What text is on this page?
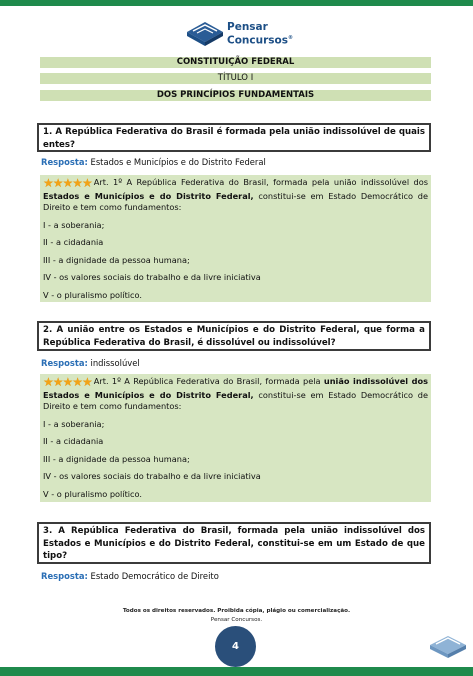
Pensar
Concursos®
CONSTITUIÇÃO FEDERAL
TÍTULO I
DOS PRINCÍPIOS FUNDAMENTAIS
1. A República Federativa do Brasil é formada pela união indissolúvel de quais entes?
Resposta: Estados e Municípios e do Distrito Federal
★★★★★ Art. 1º A República Federativa do Brasil, formada pela união indissolúvel dos Estados e Municípios e do Distrito Federal, constitui-se em Estado Democrático de Direito e tem como fundamentos:
I - a soberania;
II - a cidadania
III - a dignidade da pessoa humana;
IV - os valores sociais do trabalho e da livre iniciativa
V - o pluralismo político.
2. A união entre os Estados e Municípios e do Distrito Federal, que forma a República Federativa do Brasil, é dissolúvel ou indissolúvel?
Resposta: indissolúvel
★★★★★ Art. 1º A República Federativa do Brasil, formada pela união indissolúvel dos Estados e Municípios e do Distrito Federal, constitui-se em Estado Democrático de Direito e tem como fundamentos:
I - a soberania;
II - a cidadania
III - a dignidade da pessoa humana;
IV - os valores sociais do trabalho e da livre iniciativa
V - o pluralismo político.
3. A República Federativa do Brasil, formada pela união indissolúvel dos Estados e Municípios e do Distrito Federal, constitui-se em um Estado de que tipo?
Resposta: Estado Democrático de Direito
Todos os direitos reservados. Proibida cópia, plágio ou comercialização.
Pensar Concursos.
4
